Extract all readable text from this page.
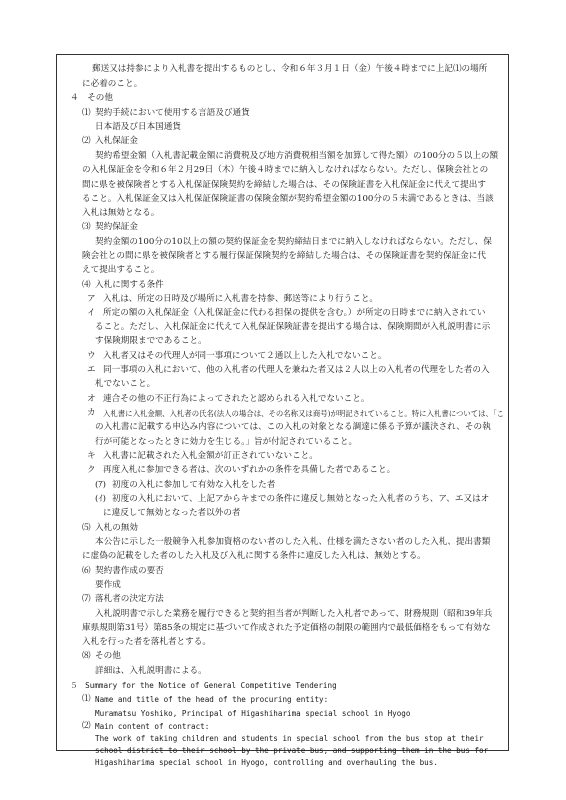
郵送又は持参により入札書を提出するものとし、令和６年３月１日（金）午後４時までに上記⑴の場所
に必着のこと。
４　その他
⑴ 契約手続において使用する言語及び通貨
日本語及び日本国通貨
⑵ 入札保証金
契約希望金額（入札書記載金額に消費税及び地方消費税相当額を加算して得た額）の100分の５以上の額
の入札保証金を令和６年２月29日（木）午後４時までに納入しなければならない。ただし、保険会社との
間に県を被保険者とする入札保証保険契約を締結した場合は、その保険証書を入札保証金に代えて提出す
ること。入札保証金又は入札保証保険証書の保険金額が契約希望金額の100分の５未満であるときは、当該
入札は無効となる。
⑶ 契約保証金
契約金額の100分の10以上の額の契約保証金を契約締結日までに納入しなければならない。ただし、保
険会社との間に県を被保険者とする履行保証保険契約を締結した場合は、その保険証書を契約保証金に代
えて提出すること。
⑷ 入札に関する条件
ア 入札は、所定の日時及び場所に入札書を持参、郵送等により行うこと。
イ 所定の額の入札保証金（入札保証金に代わる担保の提供を含む。）が所定の日時までに納入されてい
ること。ただし、入札保証金に代えて入札保証保険証書を提出する場合は、保険期間が入札説明書に示
す保険期限までであること。
ウ 入札者又はその代理人が同一事項について２通以上した入札でないこと。
エ 同一事項の入札において、他の入札者の代理人を兼ねた者又は２人以上の入札者の代理をした者の入
札でないこと。
オ 連合その他の不正行為によってされたと認められる入札でないこと。
カ 入札書に入札金額、入札者の氏名(法人の場合は、その名称又は商号)が明記されていること。特に入札書については、「こ
の入札書に記載する申込み内容については、この入札の対象となる調達に係る予算が議決され、その執
行が可能となったときに効力を生じる。」旨が付記されていること。
キ 入札書に記載された入札金額が訂正されていないこと。
ク 再度入札に参加できる者は、次のいずれかの条件を具備した者であること。
(ｱ) 初度の入札に参加して有効な入札をした者
(ｲ) 初度の入札において、上記アからキまでの条件に違反し無効となった入札者のうち、ア、エ又はオ
に違反して無効となった者以外の者
⑸ 入札の無効
本公告に示した一般競争入札参加資格のない者のした入札、仕様を満たさない者のした入札、提出書類
に虚偽の記載をした者のした入札及び入札に関する条件に違反した入札は、無効とする。
⑹ 契約書作成の要否
要作成
⑺ 落札者の決定方法
入札説明書で示した業務を履行できると契約担当者が判断した入札者であって、財務規則（昭和39年兵
庫県規則第31号）第85条の規定に基づいて作成された予定価格の制限の範囲内で最低価格をもって有効な
入札を行った者を落札者とする。
⑻ その他
詳細は、入札説明書による。
５　Summary for the Notice of General Competitive Tendering
⑴ Name and title of the head of the procuring entity:
Muramatsu Yoshiko, Principal of Higashiharima special school in Hyogo
⑵ Main content of contract:
The work of taking children and students in special school from the bus stop at their
school district to their school by the private bus, and supporting them in the bus for
Higashiharima special school in Hyogo, controlling and overhauling the bus.
